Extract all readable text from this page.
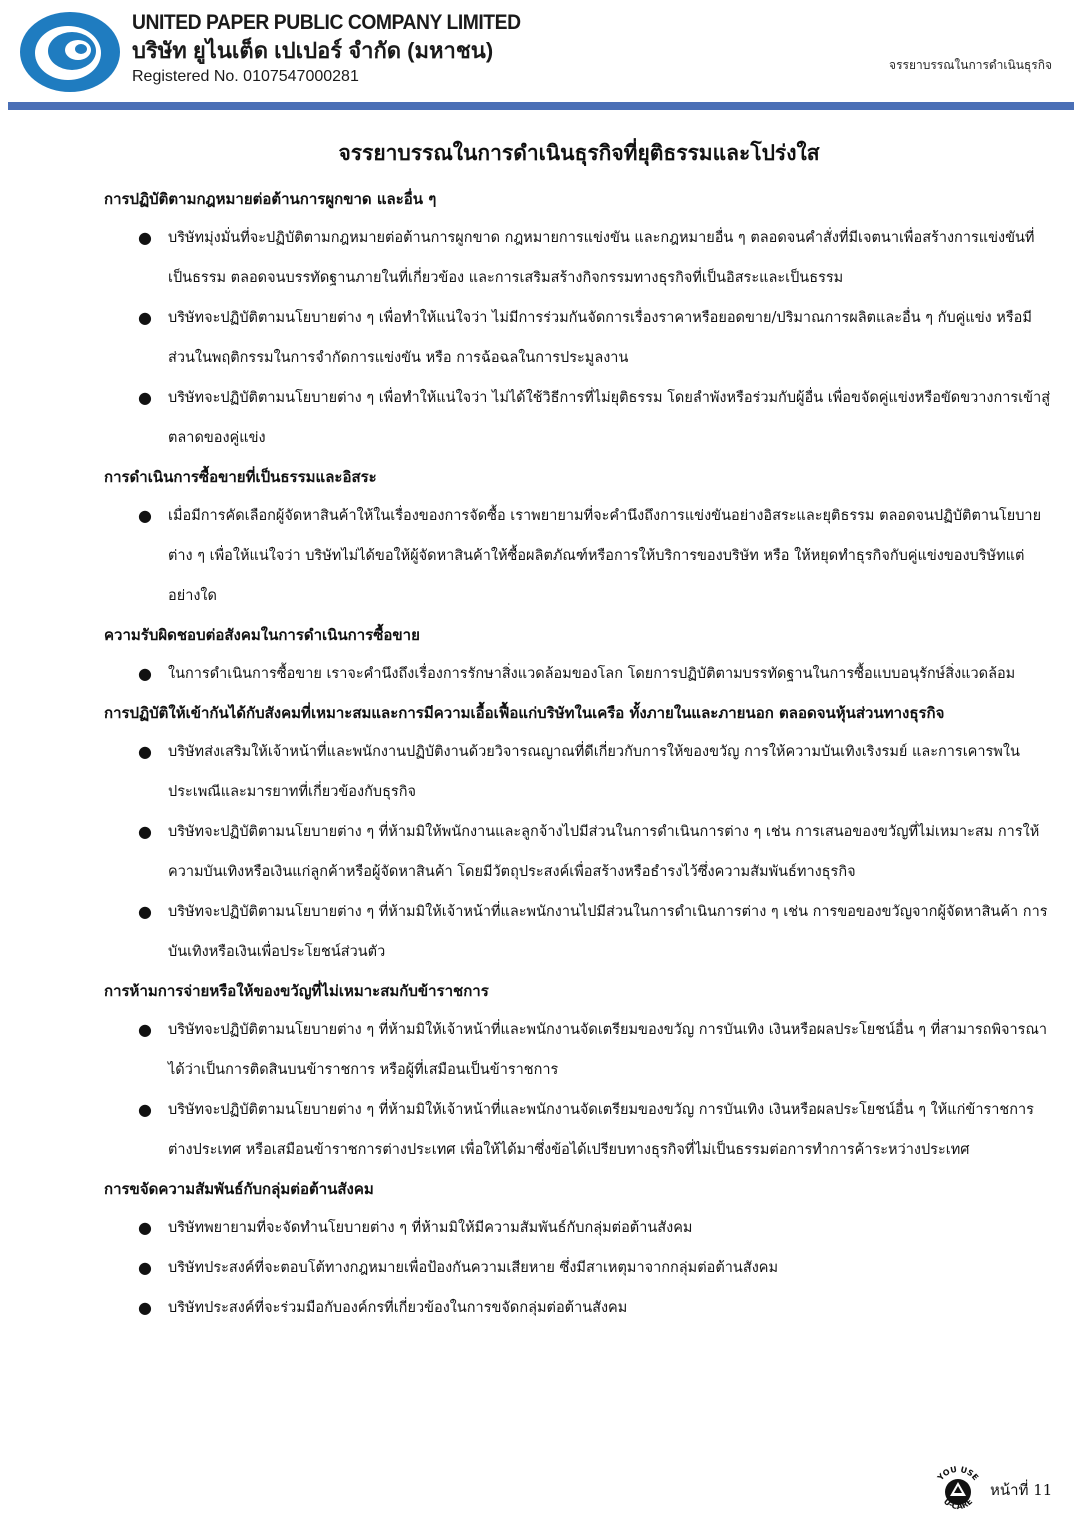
UNITED PAPER PUBLIC COMPANY LIMITED
บริษัท ยูไนเต็ด เปเปอร์ จำกัด (มหาชน)
Registered No. 0107547000281
จรรยาบรรณในการดำเนินธุรกิจ
จรรยาบรรณในการดำเนินธุรกิจที่ยุติธรรมและโปร่งใส
การปฏิบัติตามกฎหมายต่อต้านการผูกขาด และอื่น ๆ
● บริษัทมุ่งมั่นที่จะปฏิบัติตามกฎหมายต่อต้านการผูกขาด กฎหมายการแข่งขัน และกฎหมายอื่น ๆ ตลอดจนคำสั่งที่มีเจตนาเพื่อสร้างการแข่งขันที่เป็นธรรม ตลอดจนบรรทัดฐานภายในที่เกี่ยวข้อง และการเสริมสร้างกิจกรรมทางธุรกิจที่เป็นอิสระและเป็นธรรม
● บริษัทจะปฏิบัติตามนโยบายต่าง ๆ เพื่อทำให้แน่ใจว่า ไม่มีการร่วมกันจัดการเรื่องราคาหรือยอดขาย/ปริมาณการผลิตและอื่น ๆ กับคู่แข่ง หรือมีส่วนในพฤติกรรมในการจำกัดการแข่งขัน หรือ การฉ้อฉลในการประมูลงาน
● บริษัทจะปฏิบัติตามนโยบายต่าง ๆ เพื่อทำให้แน่ใจว่า ไม่ได้ใช้วิธีการที่ไม่ยุติธรรม โดยลำพังหรือร่วมกับผู้อื่น เพื่อขจัดคู่แข่งหรือขัดขวางการเข้าสู่ตลาดของคู่แข่ง
การดำเนินการซื้อขายที่เป็นธรรมและอิสระ
● เมื่อมีการคัดเลือกผู้จัดหาสินค้าให้ในเรื่องของการจัดซื้อ เราพยายามที่จะคำนึงถึงการแข่งขันอย่างอิสระและยุติธรรม ตลอดจนปฏิบัติตานโยบายต่าง ๆ เพื่อให้แน่ใจว่า บริษัทไม่ได้ขอให้ผู้จัดหาสินค้าให้ซื้อผลิตภัณฑ์หรือการให้บริการของบริษัท หรือ ให้หยุดทำธุรกิจกับคู่แข่งของบริษัทแต่อย่างใด
ความรับผิดชอบต่อสังคมในการดำเนินการซื้อขาย
● ในการดำเนินการซื้อขาย เราจะคำนึงถึงเรื่องการรักษาสิ่งแวดล้อมของโลก โดยการปฏิบัติตามบรรทัดฐานในการซื้อแบบอนุรักษ์สิ่งแวดล้อม
การปฏิบัติให้เข้ากันได้กับสังคมที่เหมาะสมและการมีความเอื้อเฟื้อแก่บริษัทในเครือ ทั้งภายในและภายนอก ตลอดจนหุ้นส่วนทางธุรกิจ
● บริษัทส่งเสริมให้เจ้าหน้าที่และพนักงานปฏิบัติงานด้วยวิจารณญาณที่ดีเกี่ยวกับการให้ของขวัญ การให้ความบันเทิงเริงรมย์ และการเคารพในประเพณีและมารยาทที่เกี่ยวข้องกับธุรกิจ
● บริษัทจะปฏิบัติตามนโยบายต่าง ๆ ที่ห้ามมิให้พนักงานและลูกจ้างไปมีส่วนในการดำเนินการต่าง ๆ เช่น การเสนอของขวัญที่ไม่เหมาะสม การให้ความบันเทิงหรือเงินแก่ลูกค้าหรือผู้จัดหาสินค้า โดยมีวัตถุประสงค์เพื่อสร้างหรือธำรงไว้ซึ่งความสัมพันธ์ทางธุรกิจ
● บริษัทจะปฏิบัติตามนโยบายต่าง ๆ ที่ห้ามมิให้เจ้าหน้าที่และพนักงานไปมีส่วนในการดำเนินการต่าง ๆ เช่น การขอของขวัญจากผู้จัดหาสินค้า การบันเทิงหรือเงินเพื่อประโยชน์ส่วนตัว
การห้ามการจ่ายหรือให้ของขวัญที่ไม่เหมาะสมกับข้าราชการ
● บริษัทจะปฏิบัติตามนโยบายต่าง ๆ ที่ห้ามมิให้เจ้าหน้าที่และพนักงานจัดเตรียมของขวัญ การบันเทิง เงินหรือผลประโยชน์อื่น ๆ ที่สามารถพิจารณาได้ว่าเป็นการติดสินบนข้าราชการ หรือผู้ที่เสมือนเป็นข้าราชการ
● บริษัทจะปฏิบัติตามนโยบายต่าง ๆ ที่ห้ามมิให้เจ้าหน้าที่และพนักงานจัดเตรียมของขวัญ การบันเทิง เงินหรือผลประโยชน์อื่น ๆ ให้แก่ข้าราชการต่างประเทศ หรือเสมือนข้าราชการต่างประเทศ เพื่อให้ได้มาซึ่งข้อได้เปรียบทางธุรกิจที่ไม่เป็นธรรมต่อการทำการค้าระหว่างประเทศ
การขจัดความสัมพันธ์กับกลุ่มต่อต้านสังคม
● บริษัทพยายามที่จะจัดทำนโยบายต่าง ๆ ที่ห้ามมิให้มีความสัมพันธ์กับกลุ่มต่อต้านสังคม
● บริษัทประสงค์ที่จะตอบโต้ทางกฎหมายเพื่อป้องกันความเสียหาย ซึ่งมีสาเหตุมาจากกลุ่มต่อต้านสังคม
● บริษัทประสงค์ที่จะร่วมมือกับองค์กรที่เกี่ยวข้องในการขจัดกลุ่มต่อต้านสังคม
YOU USE
U-CARE
หน้าที่ 11
